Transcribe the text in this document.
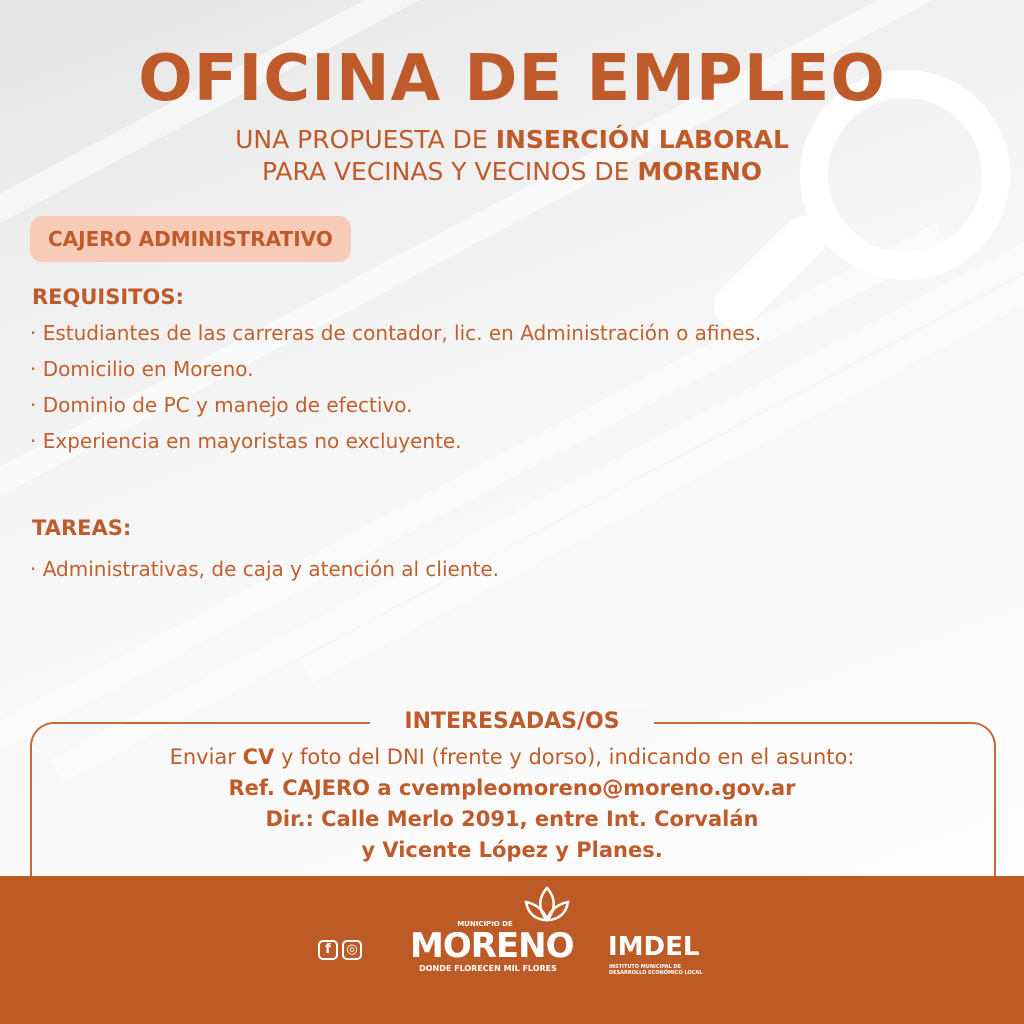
OFICINA DE EMPLEO
UNA PROPUESTA DE INSERCIÓN LABORAL
PARA VECINAS Y VECINOS DE MORENO
CAJERO ADMINISTRATIVO
REQUISITOS:
· Estudiantes de las carreras de contador, lic. en Administración o afines.
· Domicilio en Moreno.
· Dominio de PC y manejo de efectivo.
· Experiencia en mayoristas no excluyente.
TAREAS:
· Administrativas, de caja y atención al cliente.
INTERESADAS/OS
Enviar CV y foto del DNI (frente y dorso), indicando en el asunto:
Ref. CAJERO a cvempleomoreno@moreno.gov.ar
Dir.: Calle Merlo 2091, entre Int. Corvalán
y Vicente López y Planes.
f	◎
MUNICIPIO DE
MORENO
DONDE FLORECEN MIL FLORES
IMDEL
INSTITUTO MUNICIPAL DE DESARROLLO ECONÓMICO LOCAL
